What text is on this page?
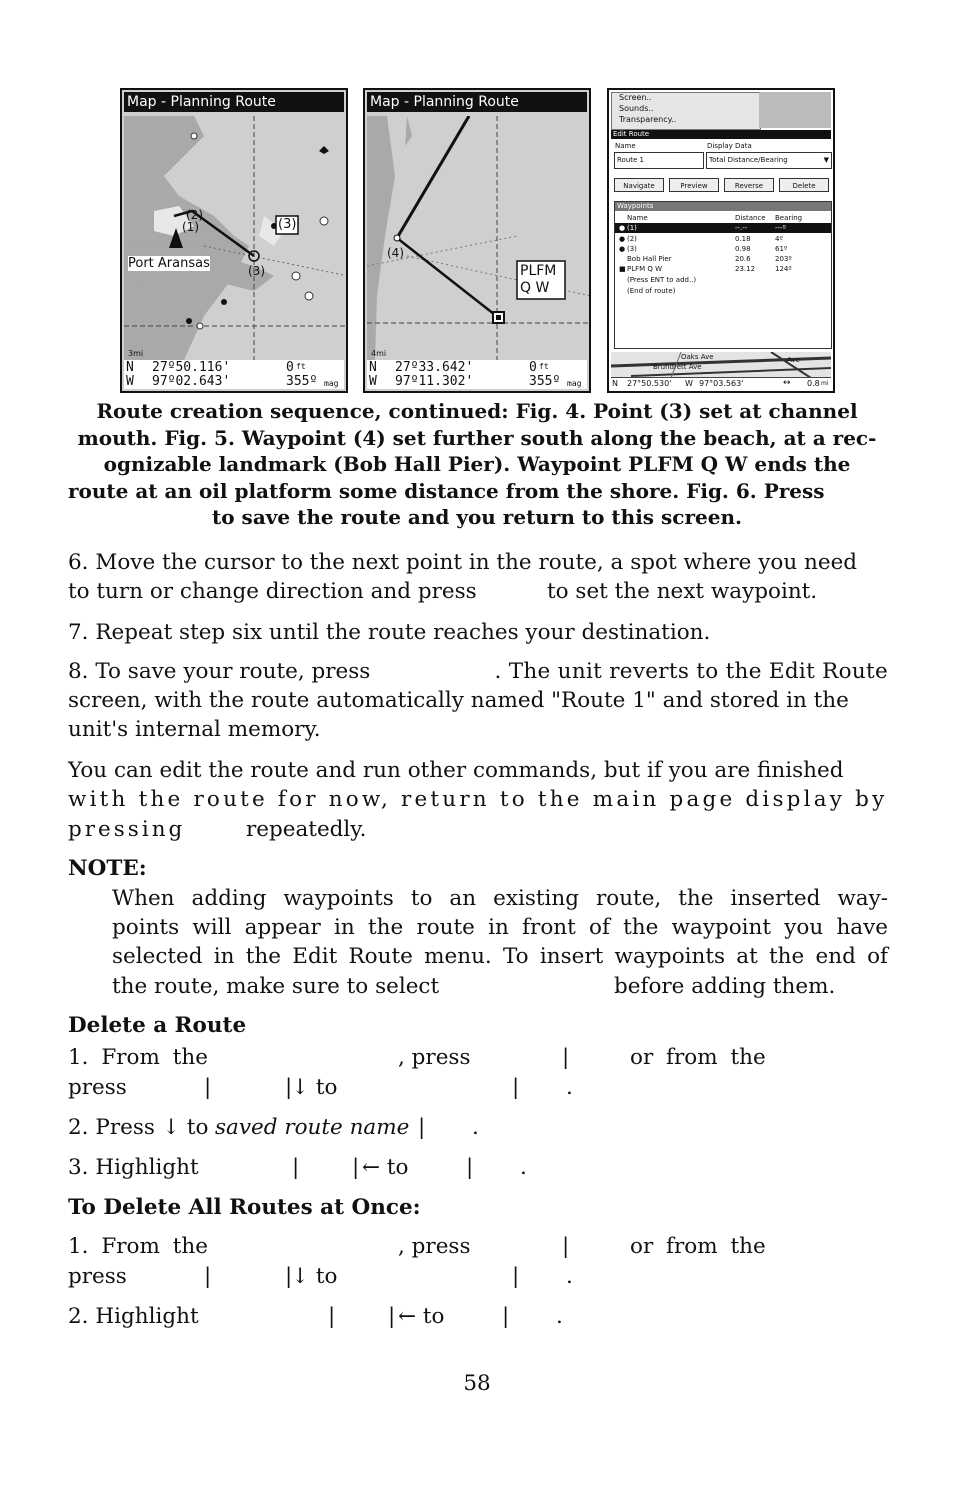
Map - Planning Route
(1)
(2)
(3)
(3)
Port Aransas
3mi
N 27º50.116'
W 97º02.643'
0 ft
355º mag
Map - Planning Route
(4)
PLFM
Q W
4mi
N 27º33.642'
W 97º11.302'
0 ft
355º mag
Screen..
Sounds..
Transparency..
Edit Route
Name	Display Data
Route 1	Total Distance/Bearing	▼
Navigate	Preview	Reverse	Delete
Waypoints
Name	Distance Bearing
● (1)	--.--	---º
● (2)	0.18	4º
● (3)	0.98	61º
Bob Hall Pier	20.6	203º
■ PLFM Q W	23.12	124º
(Press ENT to add..)
(End of route)
Oaks Ave
Brundrett Ave
Ave
N 27°50.530' W 97°03.563'	↔ 0.8 mi
Route creation sequence, continued: Fig. 4. Point (3) set at channel
mouth. Fig. 5. Waypoint (4) set further south along the beach, at a rec-
ognizable landmark (Bob Hall Pier). Waypoint PLFM Q W ends the
route at an oil platform some distance from the shore. Fig. 6. Press
to save the route and you return to this screen.
6. Move the cursor to the next point in the route, a spot where you need
to turn or change direction and press	to set the next waypoint.
7. Repeat step six until the route reaches your destination.
8. To save your route, press	. The unit reverts to the Edit Route
screen, with the route automatically named "Route 1" and stored in the
unit's internal memory.
You can edit the route and run other commands, but if you are finished
with the route for now, return to the main page display by
pressing	repeatedly.
NOTE:
When adding waypoints to an existing route, the inserted way-
points will appear in the route in front of the waypoint you have
selected in the Edit Route menu. To insert waypoints at the end of
the route, make sure to select	before adding them.
Delete a Route
1. From the	, press	|	or from the
press	|	|
↓ to	| .
2. Press ↓ to saved route name | .
3. Highlight	| | ← to	| .
To Delete All Routes at Once:
1. From the	, press	|	or from the
press	|	|
↓ to	| .
2. Highlight	| | ← to	| .
58
